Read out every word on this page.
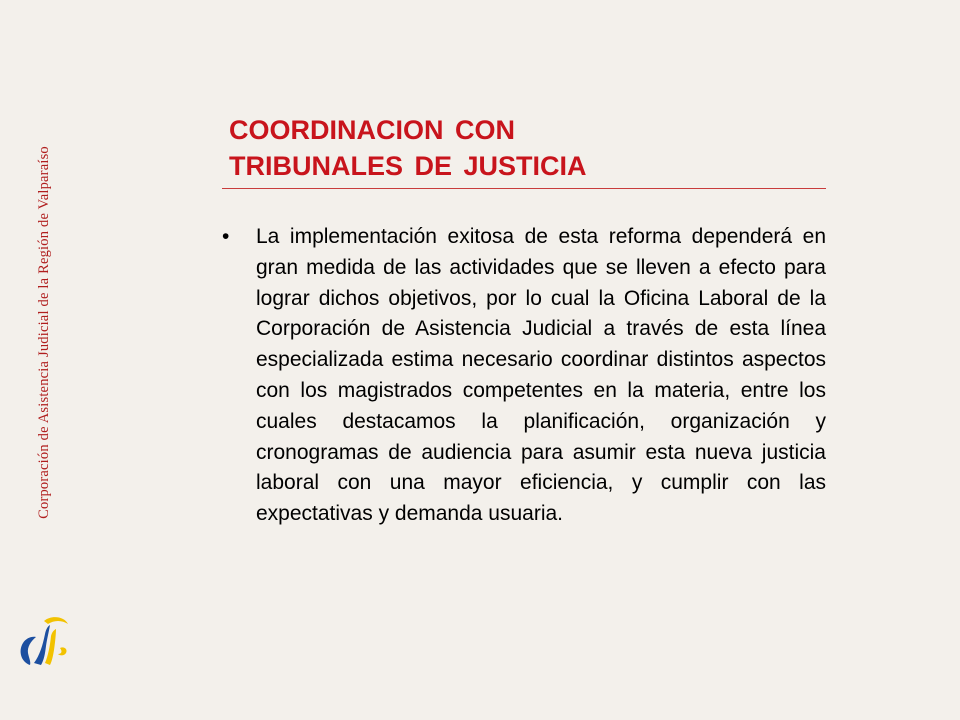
Corporación de Asistencia Judicial de la Región de Valparaíso
COORDINACION CON
TRIBUNALES DE JUSTICIA
•	La implementación exitosa de esta reforma dependerá en gran medida de las actividades que se lleven a efecto para lograr dichos objetivos, por lo cual la Oficina Laboral de la Corporación de Asistencia Judicial a través de esta línea especializada estima necesario coordinar distintos aspectos con los magistrados competentes en la materia, entre los cuales destacamos la planificación, organización y cronogramas de audiencia para asumir esta nueva justicia laboral con una mayor eficiencia, y cumplir con las expectativas y demanda usuaria.
